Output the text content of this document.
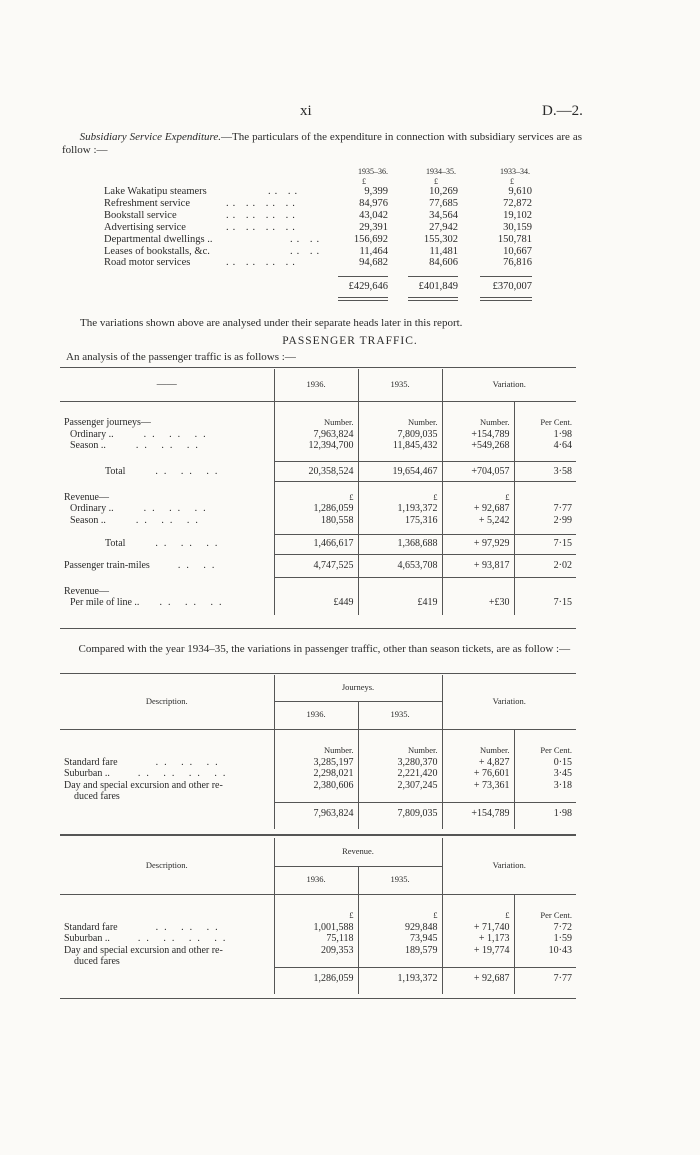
xi	D.—2.
Subsidiary Service Expenditure.—The particulars of the expenditure in connection with subsidiary services are as follow :—
1935–36.	1934–35.	1933–34.
£	£	£
Lake Wakatipu steamers	.. ..	9,399	10,269	9,610
Refreshment service	.. .. .. ..	84,976	77,685	72,872
Bookstall service	.. .. .. ..	43,042	34,564	19,102
Advertising service	.. .. .. ..	29,391	27,942	30,159
Departmental dwellings ..	.. ..	156,692	155,302	150,781
Leases of bookstalls, &c.	.. ..	11,464	11,481	10,667
Road motor services	.. .. .. ..	94,682	84,606	76,816
£429,646	£401,849	£370,007
The variations shown above are analysed under their separate heads later in this report.
PASSENGER TRAFFIC.
An analysis of the passenger traffic is as follows :—
——	1936.	1935.	Variation.	

Passenger journeys—	Number.	Number.	Number.	Per Cent.
Ordinary .. .. .. ..	7,963,824	7,809,035	+154,789	1·98
Season .. .. .. ..	12,394,700	11,845,432	+549,268	4·64

Total .. .. ..	20,358,524	19,654,467	+704,057	3·58

Revenue—	£	£	£	
Ordinary .. .. .. ..	1,286,059	1,193,372	+ 92,687	7·77
Season .. .. .. ..	180,558	175,316	+ 5,242	2·99

Total .. .. ..	1,466,617	1,368,688	+ 97,929	7·15

Passenger train-miles .. ..	4,747,525	4,653,708	+ 93,817	2·02

Revenue—				
Per mile of line .. .. .. ..	£449	£419	+£30	7·15

Compared with the year 1934–35, the variations in passenger traffic, other than season tickets, are as follow :—
Description.	Journeys.		Variation.	
	1936.	1935.		

	Number.	Number.	Number.	Per Cent.
Standard fare .. .. ..	3,285,197	3,280,370	+ 4,827	0·15
Suburban .. .. .. .. ..	2,298,021	2,221,420	+ 76,601	3·45
Day and special excursion and other re-
duced fares	2,380,606	2,307,245	+ 73,361	3·18
	7,963,824	7,809,035	+154,789	1·98

Description.	Revenue.		Variation.	
	1936.	1935.		

	£	£	£	Per Cent.
Standard fare .. .. ..	1,001,588	929,848	+ 71,740	7·72
Suburban .. .. .. .. ..	75,118	73,945	+ 1,173	1·59
Day and special excursion and other re-
duced fares	209,353	189,579	+ 19,774	10·43
	1,286,059	1,193,372	+ 92,687	7·77
